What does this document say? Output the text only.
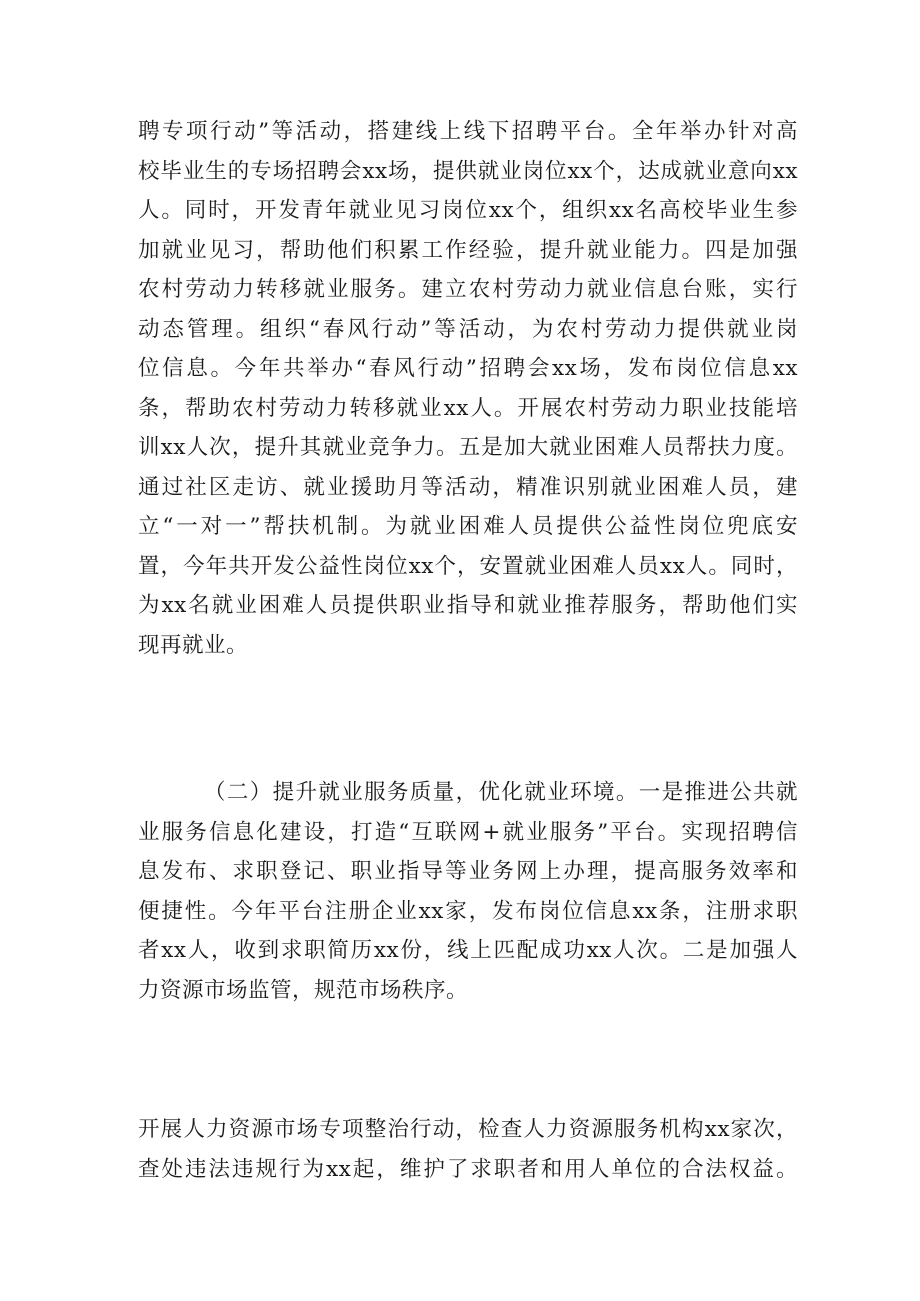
聘专项行动”等活动，搭建线上线下招聘平台。全年举办针对高
校毕业生的专场招聘会xx场，提供就业岗位xx个，达成就业意向xx
人。同时，开发青年就业见习岗位xx个，组织xx名高校毕业生参
加就业见习，帮助他们积累工作经验，提升就业能力。四是加强
农村劳动力转移就业服务。建立农村劳动力就业信息台账，实行
动态管理。组织“春风行动”等活动，为农村劳动力提供就业岗
位信息。今年共举办“春风行动”招聘会xx场，发布岗位信息xx
条，帮助农村劳动力转移就业xx人。开展农村劳动力职业技能培
训xx人次，提升其就业竞争力。五是加大就业困难人员帮扶力度。
通过社区走访、就业援助月等活动，精准识别就业困难人员，建
立“一对一”帮扶机制。为就业困难人员提供公益性岗位兜底安
置，今年共开发公益性岗位xx个，安置就业困难人员xx人。同时，
为xx名就业困难人员提供职业指导和就业推荐服务，帮助他们实
现再就业。
（二）提升就业服务质量，优化就业环境。一是推进公共就
业服务信息化建设，打造“互联网+就业服务”平台。实现招聘信
息发布、求职登记、职业指导等业务网上办理，提高服务效率和
便捷性。今年平台注册企业xx家，发布岗位信息xx条，注册求职
者xx人，收到求职简历xx份，线上匹配成功xx人次。二是加强人
力资源市场监管，规范市场秩序。
开展人力资源市场专项整治行动，检查人力资源服务机构xx家次，
查处违法违规行为xx起，维护了求职者和用人单位的合法权益。
